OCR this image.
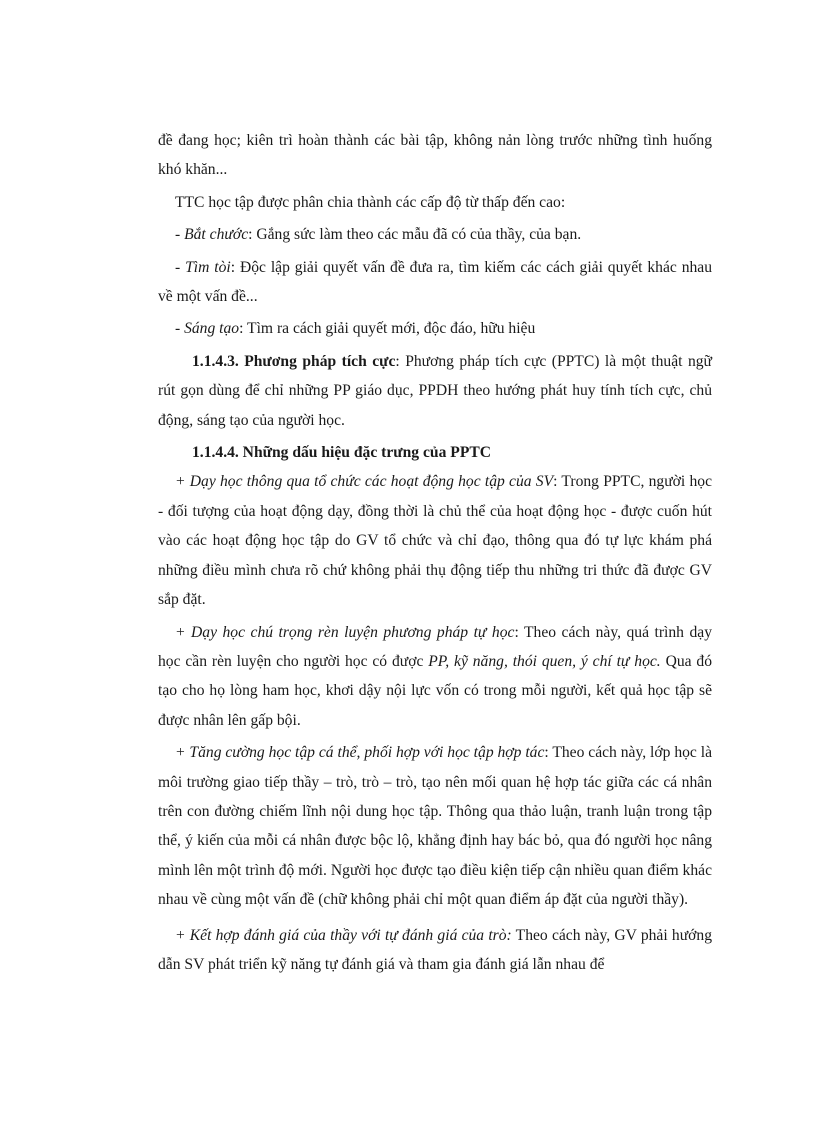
đề đang học; kiên trì hoàn thành các bài tập, không nản lòng trước những tình huống khó khăn...

TTC học tập được phân chia thành các cấp độ từ thấp đến cao:

- Bắt chước: Gắng sức làm theo các mẫu đã có của thầy, của bạn.

- Tìm tòi: Độc lập giải quyết vấn đề đưa ra, tìm kiếm các cách giải quyết khác nhau về một vấn đề...

- Sáng tạo: Tìm ra cách giải quyết mới, độc đáo, hữu hiệu

1.1.4.3. Phương pháp tích cực: Phương pháp tích cực (PPTC) là một thuật ngữ rút gọn dùng để chỉ những PP giáo dục, PPDH theo hướng phát huy tính tích cực, chủ động, sáng tạo của người học.

1.1.4.4. Những dấu hiệu đặc trưng của PPTC

+ Dạy học thông qua tổ chức các hoạt động học tập của SV: Trong PPTC, người học - đối tượng của hoạt động dạy, đồng thời là chủ thể của hoạt động học - được cuốn hút vào các hoạt động học tập do GV tổ chức và chỉ đạo, thông qua đó tự lực khám phá những điều mình chưa rõ chứ không phải thụ động tiếp thu những tri thức đã được GV sắp đặt.

+ Dạy học chú trọng rèn luyện phương pháp tự học: Theo cách này, quá trình dạy học cần rèn luyện cho người học có được PP, kỹ năng, thói quen, ý chí tự học. Qua đó tạo cho họ lòng ham học, khơi dậy nội lực vốn có trong mỗi người, kết quả học tập sẽ được nhân lên gấp bội.

+ Tăng cường học tập cá thể, phối hợp với học tập hợp tác: Theo cách này, lớp học là môi trường giao tiếp thầy – trò, trò – trò, tạo nên mối quan hệ hợp tác giữa các cá nhân trên con đường chiếm lĩnh nội dung học tập. Thông qua thảo luận, tranh luận trong tập thể, ý kiến của mỗi cá nhân được bộc lộ, khẳng định hay bác bỏ, qua đó người học nâng mình lên một trình độ mới. Người học được tạo điều kiện tiếp cận nhiều quan điểm khác nhau về cùng một vấn đề (chữ không phải chỉ một quan điểm áp đặt của người thầy).

+ Kết hợp đánh giá của thầy với tự đánh giá của trò: Theo cách này, GV phải hướng dẫn SV phát triển kỹ năng tự đánh giá và tham gia đánh giá lẫn nhau để
